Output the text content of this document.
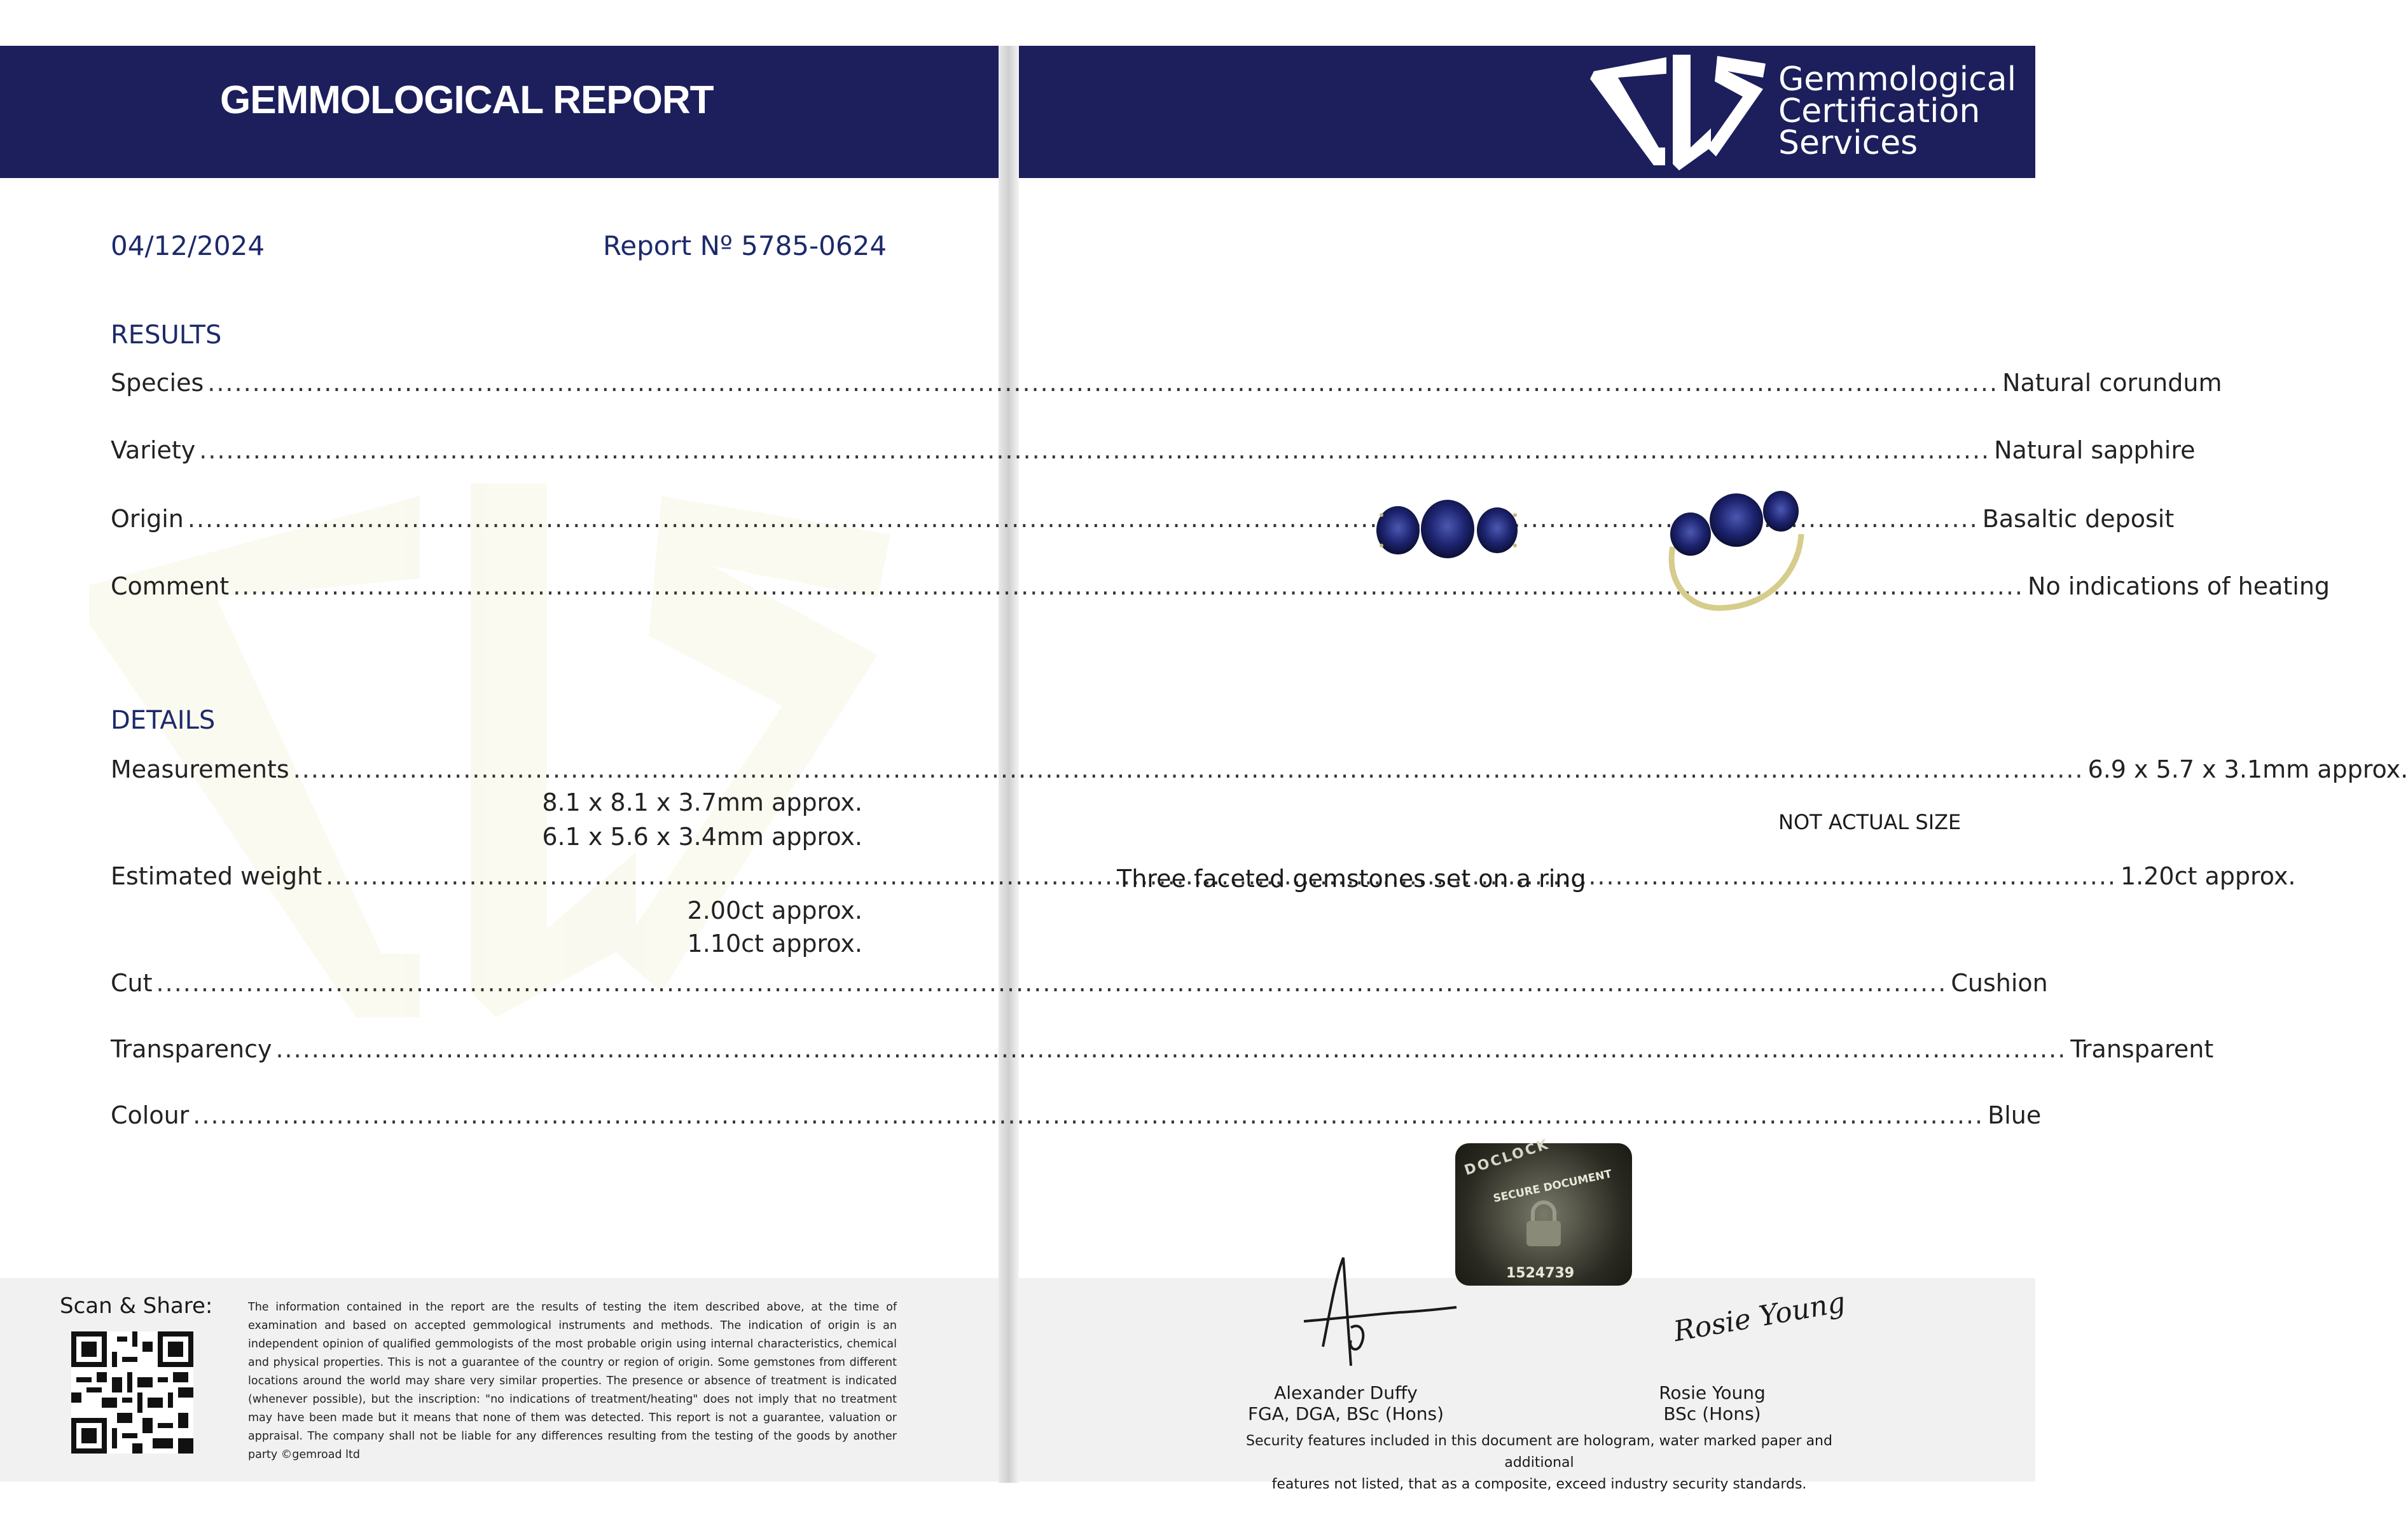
GEMMOLOGICAL REPORT	Gemmological
Certification
Services
04/12/2024	Report Nº 5785-0624
RESULTS
Species .....	Natural corundum
Variety .....	Natural sapphire
Origin .....	Basaltic deposit
Comment .....	No indications of heating
DETAILS
Measurements .....	6.9 x 5.7 x 3.1mm approx.
8.1 x 8.1 x 3.7mm approx.
6.1 x 5.6 x 3.4mm approx.
Estimated weight .....	1.20ct approx.
2.00ct approx.
1.10ct approx.
Cut .....	Cushion
Transparency .....	Transparent
Colour .....	Blue
Scan & Share:	The information contained in the report are the results of testing the item described above, at the time of examination and based on accepted gemmological instruments and methods. The indication of origin is an independent opinion of qualified gemmologists of the most probable origin using internal characteristics, chemical and physical properties. This is not a guarantee of the country or region of origin. Some gemstones from different locations around the world may share very similar properties. The presence or absence of treatment is indicated (whenever possible), but the inscription: "no indications of treatment/heating" does not imply that no treatment may have been made but it means that none of them was detected. This report is not a guarantee, valuation or appraisal. The company shall not be liable for any differences resulting from the testing of the goods by another party ©gemroad ltd
NOT ACTUAL SIZE
Three faceted gemstones set on a ring
DOCLOCK
SECURE DOCUMENT
1524739
Rosie Young
Alexander Duffy
FGA, DGA, BSc (Hons)
Rosie Young
BSc (Hons)
Security features included in this document are hologram, water marked paper and additional
features not listed, that as a composite, exceed industry security standards.
